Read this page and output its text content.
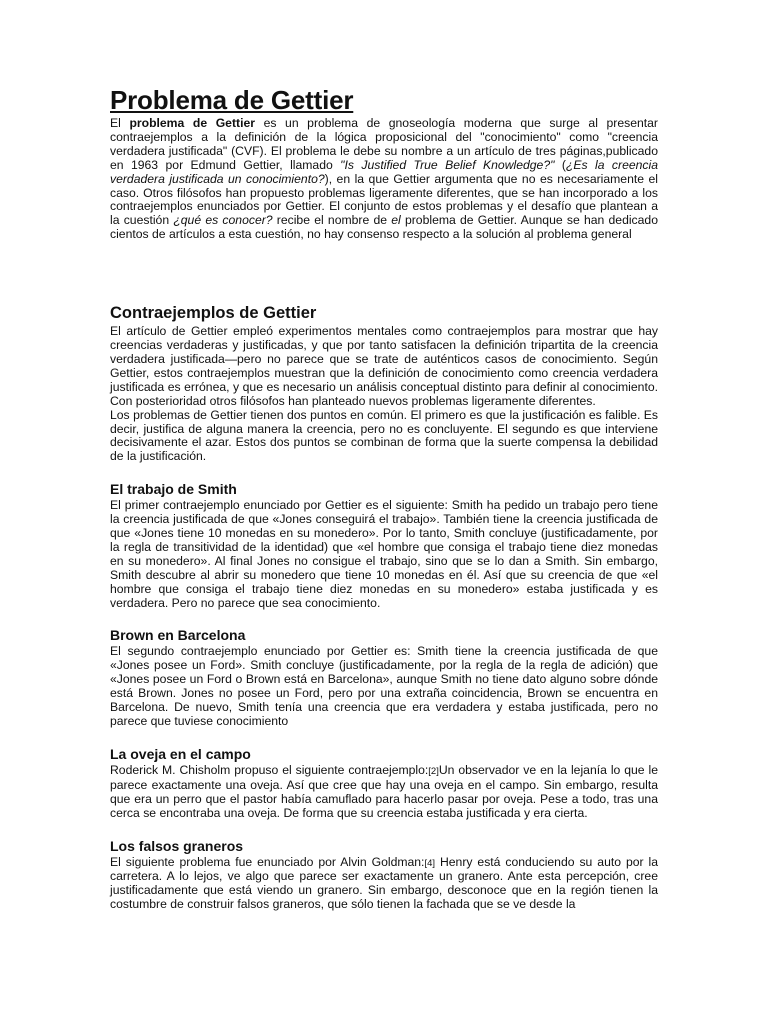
Problema de Gettier

El problema de Gettier es un problema de gnoseología moderna que surge al presentar contraejemplos a la definición de la lógica proposicional del "conocimiento" como "creencia verdadera justificada" (CVF). El problema le debe su nombre a un artículo de tres páginas,publicado en 1963 por Edmund Gettier, llamado "Is Justified True Belief Knowledge?" (¿Es la creencia verdadera justificada un conocimiento?), en la que Gettier argumenta que no es necesariamente el caso. Otros filósofos han propuesto problemas ligeramente diferentes, que se han incorporado a los contraejemplos enunciados por Gettier. El conjunto de estos problemas y el desafío que plantean a la cuestión ¿qué es conocer? recibe el nombre de el problema de Gettier. Aunque se han dedicado cientos de artículos a esta cuestión, no hay consenso respecto a la solución al problema general

Contraejemplos de Gettier

El artículo de Gettier empleó experimentos mentales como contraejemplos para mostrar que hay creencias verdaderas y justificadas, y que por tanto satisfacen la definición tripartita de la creencia verdadera justificada—pero no parece que se trate de auténticos casos de conocimiento. Según Gettier, estos contraejemplos muestran que la definición de conocimiento como creencia verdadera justificada es errónea, y que es necesario un análisis conceptual distinto para definir al conocimiento. Con posterioridad otros filósofos han planteado nuevos problemas ligeramente diferentes.

Los problemas de Gettier tienen dos puntos en común. El primero es que la justificación es falible. Es decir, justifica de alguna manera la creencia, pero no es concluyente. El segundo es que interviene decisivamente el azar. Estos dos puntos se combinan de forma que la suerte compensa la debilidad de la justificación.

El trabajo de Smith

El primer contraejemplo enunciado por Gettier es el siguiente: Smith ha pedido un trabajo pero tiene la creencia justificada de que «Jones conseguirá el trabajo». También tiene la creencia justificada de que «Jones tiene 10 monedas en su monedero». Por lo tanto, Smith concluye (justificadamente, por la regla de transitividad de la identidad) que «el hombre que consiga el trabajo tiene diez monedas en su monedero». Al final Jones no consigue el trabajo, sino que se lo dan a Smith. Sin embargo, Smith descubre al abrir su monedero que tiene 10 monedas en él. Así que su creencia de que «el hombre que consiga el trabajo tiene diez monedas en su monedero» estaba justificada y es verdadera. Pero no parece que sea conocimiento.

Brown en Barcelona

El segundo contraejemplo enunciado por Gettier es: Smith tiene la creencia justificada de que «Jones posee un Ford». Smith concluye (justificadamente, por la regla de la regla de adición) que «Jones posee un Ford o Brown está en Barcelona», aunque Smith no tiene dato alguno sobre dónde está Brown. Jones no posee un Ford, pero por una extraña coincidencia, Brown se encuentra en Barcelona. De nuevo, Smith tenía una creencia que era verdadera y estaba justificada, pero no parece que tuviese conocimiento

La oveja en el campo

Roderick M. Chisholm propuso el siguiente contraejemplo:[2]Un observador ve en la lejanía lo que le parece exactamente una oveja. Así que cree que hay una oveja en el campo. Sin embargo, resulta que era un perro que el pastor había camuflado para hacerlo pasar por oveja. Pese a todo, tras una cerca se encontraba una oveja. De forma que su creencia estaba justificada y era cierta.

Los falsos graneros

El siguiente problema fue enunciado por Alvin Goldman:[4] Henry está conduciendo su auto por la carretera. A lo lejos, ve algo que parece ser exactamente un granero. Ante esta percepción, cree justificadamente que está viendo un granero. Sin embargo, desconoce que en la región tienen la costumbre de construir falsos graneros, que sólo tienen la fachada que se ve desde la
